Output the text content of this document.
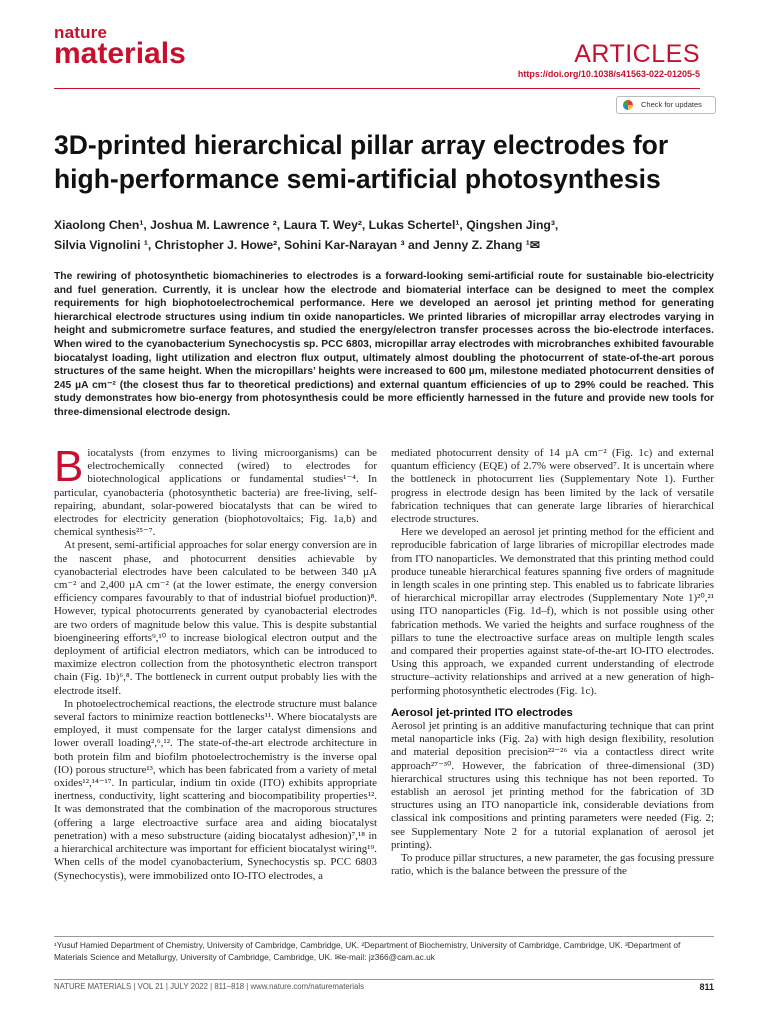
nature
materials	ARTICLES
https://doi.org/10.1038/s41563-022-01205-5
Check for updates
3D-printed hierarchical pillar array electrodes for high-performance semi-artificial photosynthesis
Xiaolong Chen¹, Joshua M. Lawrence ², Laura T. Wey², Lukas Schertel¹, Qingshen Jing³,
Silvia Vignolini ¹, Christopher J. Howe², Sohini Kar-Narayan ³ and Jenny Z. Zhang ¹✉
The rewiring of photosynthetic biomachineries to electrodes is a forward-looking semi-artificial route for sustainable bio-electricity and fuel generation. Currently, it is unclear how the electrode and biomaterial interface can be designed to meet the complex requirements for high biophotoelectrochemical performance. Here we developed an aerosol jet printing method for generating hierarchical electrode structures using indium tin oxide nanoparticles. We printed libraries of micropillar array electrodes varying in height and submicrometre surface features, and studied the energy/electron transfer processes across the bio-electrode interfaces. When wired to the cyanobacterium Synechocystis sp. PCC 6803, micropillar array electrodes with microbranches exhibited favourable biocatalyst loading, light utilization and electron flux output, ultimately almost doubling the photocurrent of state-of-the-art porous structures of the same height. When the micropillars’ heights were increased to 600 µm, milestone mediated photocurrent densities of 245 µA cm⁻² (the closest thus far to theoretical predictions) and external quantum efficiencies of up to 29% could be reached. This study demonstrates how bio-energy from photosynthesis could be more efficiently harnessed in the future and provide new tools for three-dimensional electrode design.

Biocatalysts (from enzymes to living microorganisms) can be electrochemically connected (wired) to electrodes for biotechnological applications or fundamental studies¹⁻⁴. In particular, cyanobacteria (photosynthetic bacteria) are free-living, self-repairing, abundant, solar-powered biocatalysts that can be wired to electrodes for electricity generation (biophotovoltaics; Fig. 1a,b) and chemical synthesis²⁵⁻⁷.

At present, semi-artificial approaches for solar energy conversion are in the nascent phase, and photocurrent densities achievable by cyanobacterial electrodes have been calculated to be between 340 µA cm⁻² and 2,400 µA cm⁻² (at the lower estimate, the energy conversion efficiency compares favourably to that of industrial biofuel production)⁸. However, typical photocurrents generated by cyanobacterial electrodes are two orders of magnitude below this value. This is despite substantial bioengineering efforts⁹,¹⁰ to increase biological electron output and the deployment of artificial electron mediators, which can be introduced to maximize electron collection from the photosynthetic electron transport chain (Fig. 1b)⁶,⁸. The bottleneck in current output probably lies with the electrode itself.

In photoelectrochemical reactions, the electrode structure must balance several factors to minimize reaction bottlenecks¹¹. Where biocatalysts are employed, it must compensate for the larger catalyst dimensions and lower overall loading²,⁶,¹². The state-of-the-art electrode architecture in both protein film and biofilm photoelectrochemistry is the inverse opal (IO) porous structure¹³, which has been fabricated from a variety of metal oxides¹²,¹⁴⁻¹⁷. In particular, indium tin oxide (ITO) exhibits appropriate inertness, conductivity, light scattering and biocompatibility properties¹². It was demonstrated that the combination of the macroporous structures (offering a large electroactive surface area and aiding biocatalyst penetration) with a meso substructure (aiding biocatalyst adhesion)⁷,¹⁸ in a hierarchical architecture was important for efficient biocatalyst wiring¹⁹. When cells of the model cyanobacterium, Synechocystis sp. PCC 6803 (Synechocystis), were immobilized onto IO-ITO electrodes, a

mediated photocurrent density of 14 µA cm⁻² (Fig. 1c) and external quantum efficiency (EQE) of 2.7% were observed⁷. It is uncertain where the bottleneck in photocurrent lies (Supplementary Note 1). Further progress in electrode design has been limited by the lack of versatile fabrication techniques that can generate large libraries of hierarchical electrode structures.

Here we developed an aerosol jet printing method for the efficient and reproducible fabrication of large libraries of micropillar electrodes made from ITO nanoparticles. We demonstrated that this printing method could produce tuneable hierarchical features spanning five orders of magnitude in length scales in one printing step. This enabled us to fabricate libraries of hierarchical micropillar array electrodes (Supplementary Note 1)²⁰,²¹ using ITO nanoparticles (Fig. 1d–f), which is not possible using other fabrication methods. We varied the heights and surface roughness of the pillars to tune the electroactive surface areas on multiple length scales and compared their properties against state-of-the-art IO-ITO electrodes. Using this approach, we expanded current understanding of electrode structure–activity relationships and arrived at a new generation of high-performing photosynthetic electrodes (Fig. 1c).

Aerosol jet-printed ITO electrodes

Aerosol jet printing is an additive manufacturing technique that can print metal nanoparticle inks (Fig. 2a) with high design flexibility, resolution and material deposition precision²²⁻²⁶ via a contactless direct write approach²⁷⁻³⁰. However, the fabrication of three-dimensional (3D) hierarchical structures using this technique has not been reported. To establish an aerosol jet printing method for the fabrication of 3D structures using an ITO nanoparticle ink, considerable deviations from classical ink compositions and printing parameters were needed (Fig. 2; see Supplementary Note 2 for a tutorial explanation of aerosol jet printing).

To produce pillar structures, a new parameter, the gas focusing pressure ratio, which is the balance between the pressure of the

¹Yusuf Hamied Department of Chemistry, University of Cambridge, Cambridge, UK. ²Department of Biochemistry, University of Cambridge, Cambridge, UK. ³Department of Materials Science and Metallurgy, University of Cambridge, Cambridge, UK. ✉e-mail: jz366@cam.ac.uk
NATURE MATERIALS | VOL 21 | JULY 2022 | 811–818 | www.nature.com/naturematerials	811
